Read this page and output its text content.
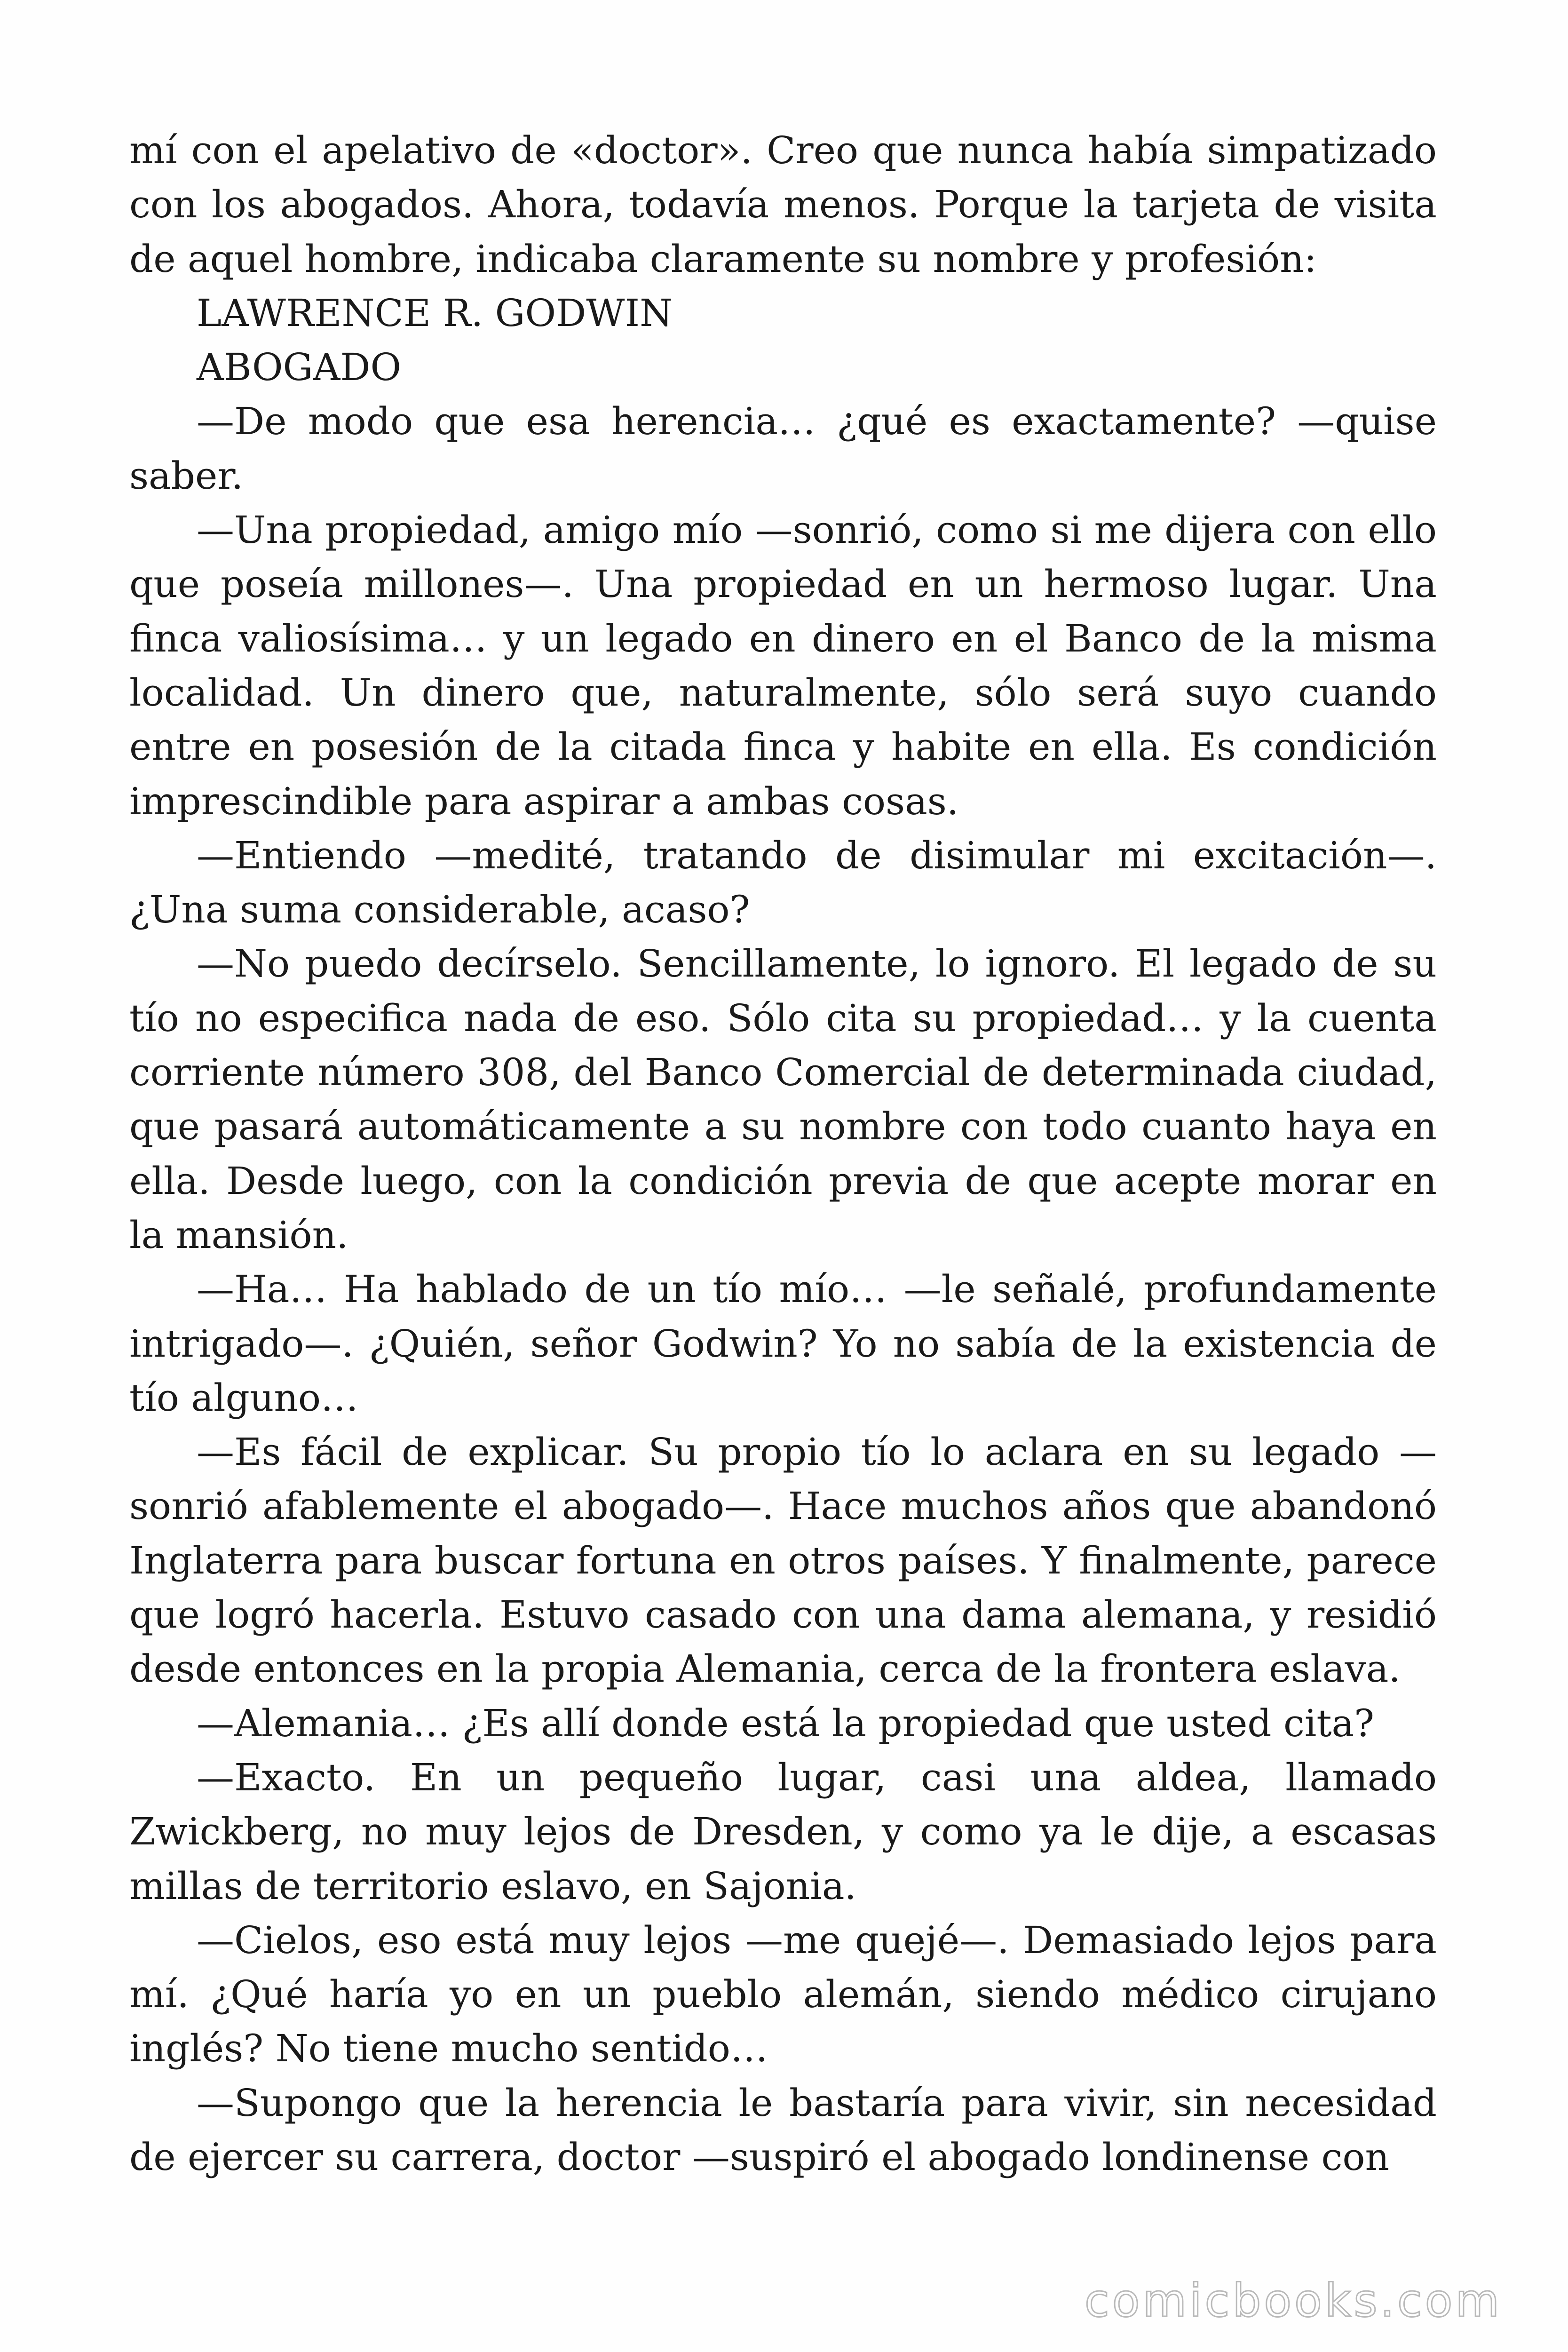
mí con el apelativo de «doctor». Creo que nunca había simpatizado con los abogados. Ahora, todavía menos. Porque la tarjeta de visita de aquel hombre, indicaba claramente su nombre y profesión:

LAWRENCE R. GODWIN

ABOGADO

—De modo que esa herencia… ¿qué es exactamente? —quise saber.

—Una propiedad, amigo mío —sonrió, como si me dijera con ello que poseía millones—. Una propiedad en un hermoso lugar. Una finca valiosísima… y un legado en dinero en el Banco de la misma localidad. Un dinero que, naturalmente, sólo será suyo cuando entre en posesión de la citada finca y habite en ella. Es condición imprescindible para aspirar a ambas cosas.

—Entiendo —medité, tratando de disimular mi excitación—. ¿Una suma considerable, acaso?

—No puedo decírselo. Sencillamente, lo ignoro. El legado de su tío no especifica nada de eso. Sólo cita su propiedad… y la cuenta corriente número 308, del Banco Comercial de determinada ciudad, que pasará automáticamente a su nombre con todo cuanto haya en ella. Desde luego, con la condición previa de que acepte morar en la mansión.

—Ha… Ha hablado de un tío mío… —le señalé, profundamente intrigado—. ¿Quién, señor Godwin? Yo no sabía de la existencia de tío alguno…

—Es fácil de explicar. Su propio tío lo aclara en su legado — sonrió afablemente el abogado—. Hace muchos años que abandonó Inglaterra para buscar fortuna en otros países. Y finalmente, parece que logró hacerla. Estuvo casado con una dama alemana, y residió desde entonces en la propia Alemania, cerca de la frontera eslava.

—Alemania… ¿Es allí donde está la propiedad que usted cita?

—Exacto. En un pequeño lugar, casi una aldea, llamado Zwickberg, no muy lejos de Dresden, y como ya le dije, a escasas millas de territorio eslavo, en Sajonia.

—Cielos, eso está muy lejos —me quejé—. Demasiado lejos para mí. ¿Qué haría yo en un pueblo alemán, siendo médico cirujano inglés? No tiene mucho sentido…

—Supongo que la herencia le bastaría para vivir, sin necesidad de ejercer su carrera, doctor —suspiró el abogado londinense con

comicbooks.com
